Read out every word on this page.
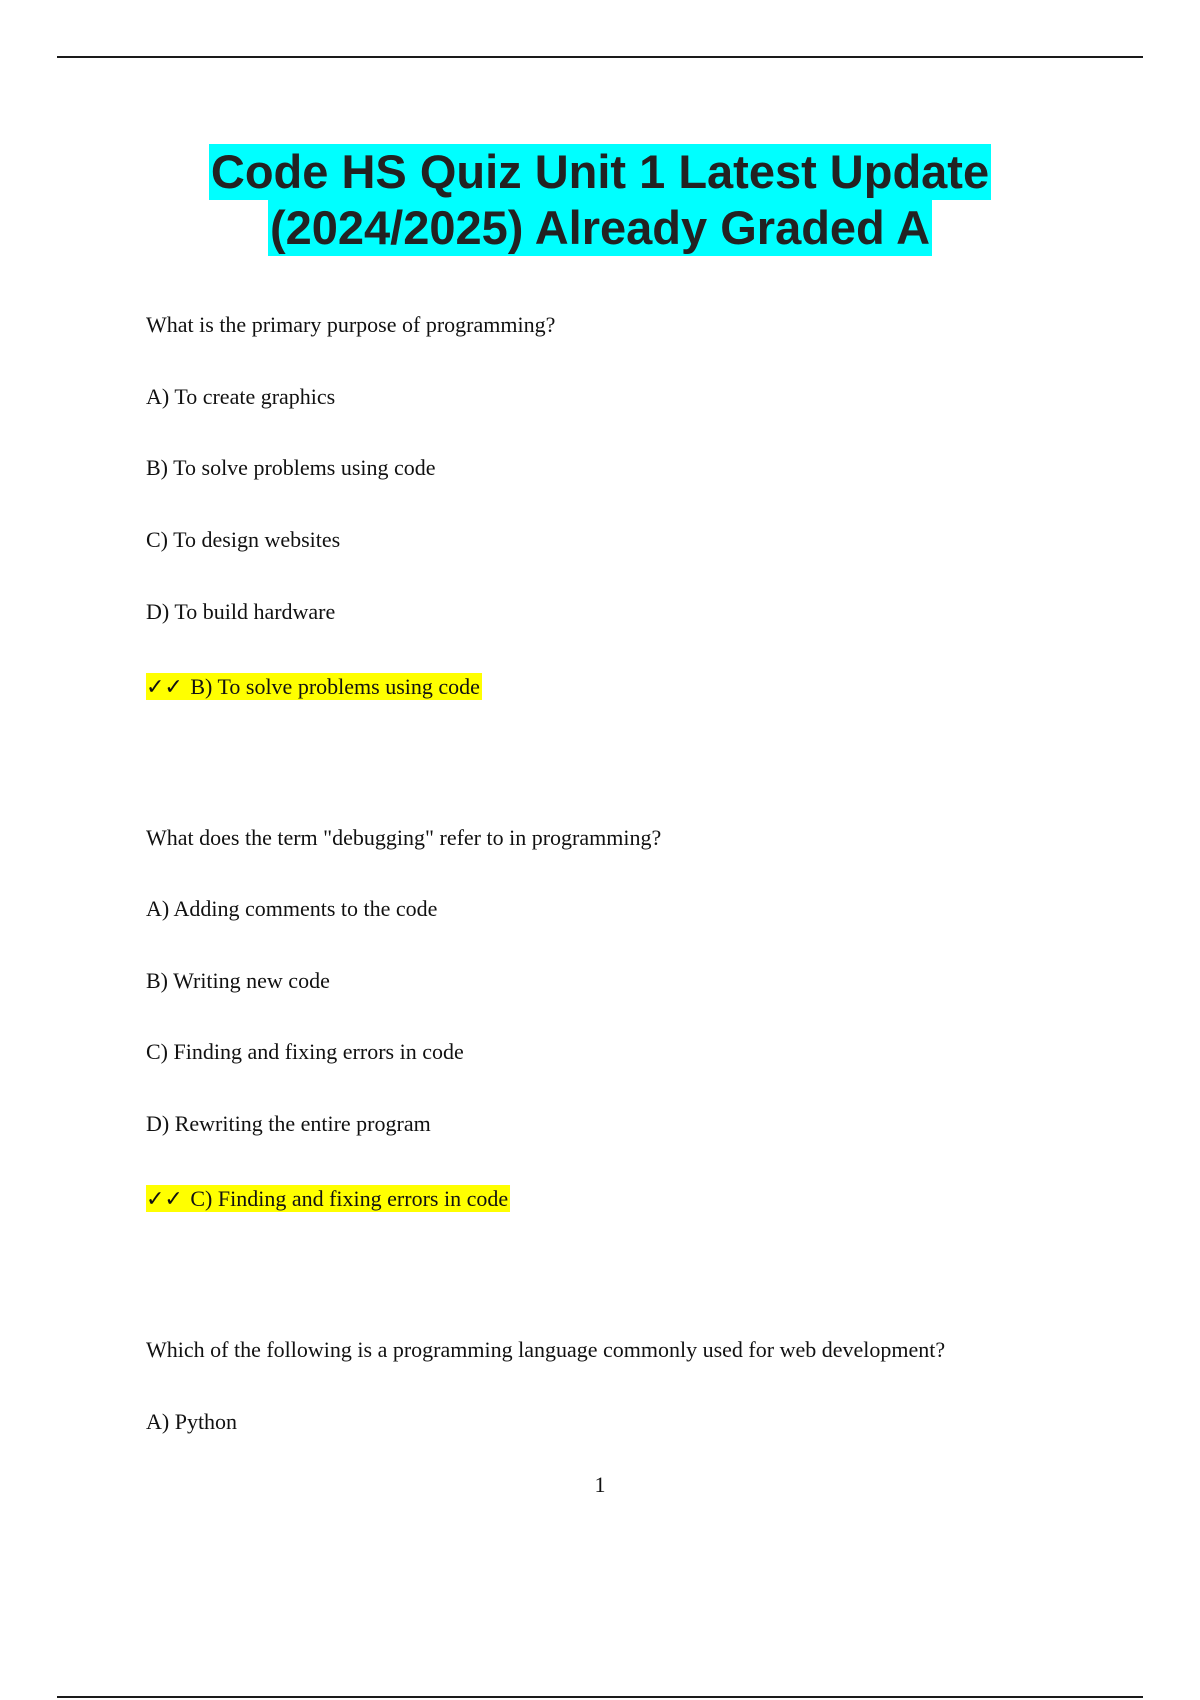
Code HS Quiz Unit 1 Latest Update
(2024/2025) Already Graded A
What is the primary purpose of programming?
A) To create graphics
B) To solve problems using code
C) To design websites
D) To build hardware
✓✓ B) To solve problems using code
What does the term "debugging" refer to in programming?
A) Adding comments to the code
B) Writing new code
C) Finding and fixing errors in code
D) Rewriting the entire program
✓✓ C) Finding and fixing errors in code
Which of the following is a programming language commonly used for web development?
A) Python
1
